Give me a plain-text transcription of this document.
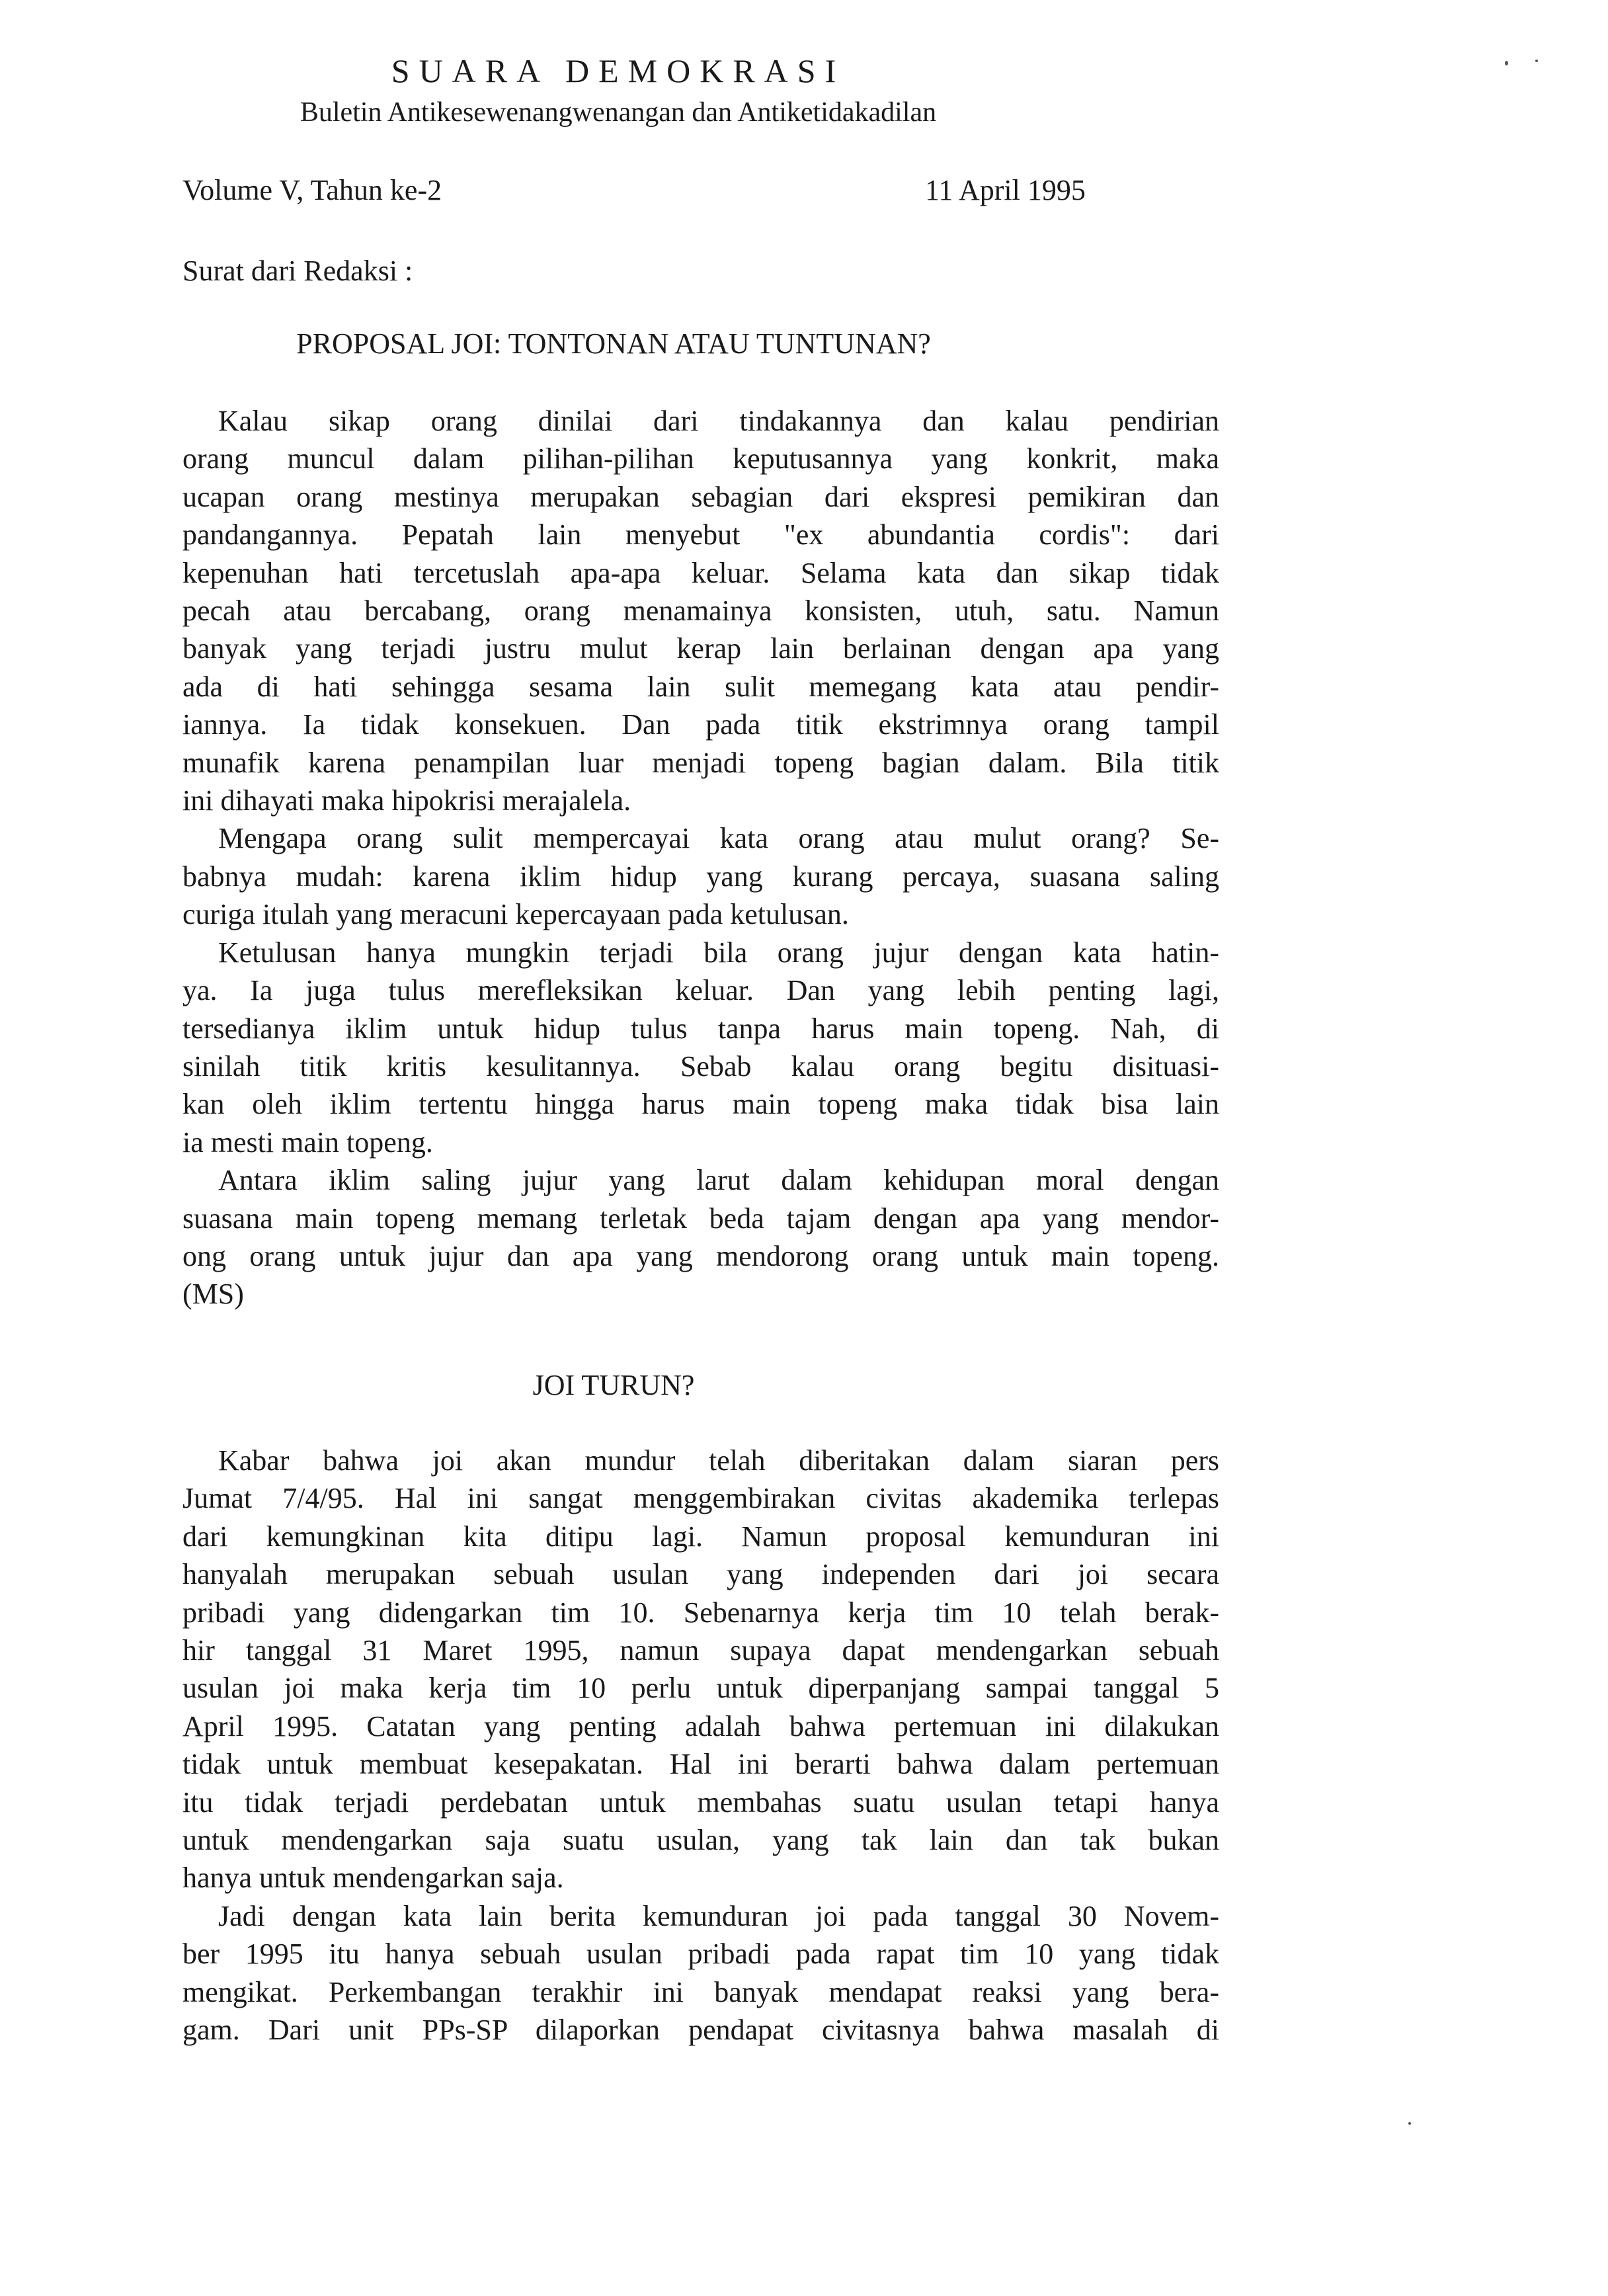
SUARA DEMOKRASI
Buletin Antikesewenangwenangan dan Antiketidakadilan
Volume V, Tahun ke-2	11 April 1995
Surat dari Redaksi :
PROPOSAL JOI: TONTONAN ATAU TUNTUNAN?
Kalau sikap orang dinilai dari tindakannya dan kalau pendirian
orang muncul dalam pilihan-pilihan keputusannya yang konkrit, maka
ucapan orang mestinya merupakan sebagian dari ekspresi pemikiran dan
pandangannya. Pepatah lain menyebut "ex abundantia cordis": dari
kepenuhan hati tercetuslah apa-apa keluar. Selama kata dan sikap tidak
pecah atau bercabang, orang menamainya konsisten, utuh, satu. Namun
banyak yang terjadi justru mulut kerap lain berlainan dengan apa yang
ada di hati sehingga sesama lain sulit memegang kata atau pendir-
iannya. Ia tidak konsekuen. Dan pada titik ekstrimnya orang tampil
munafik karena penampilan luar menjadi topeng bagian dalam. Bila titik
ini dihayati maka hipokrisi merajalela.
Mengapa orang sulit mempercayai kata orang atau mulut orang? Se-
babnya mudah: karena iklim hidup yang kurang percaya, suasana saling
curiga itulah yang meracuni kepercayaan pada ketulusan.
Ketulusan hanya mungkin terjadi bila orang jujur dengan kata hatin-
ya. Ia juga tulus merefleksikan keluar. Dan yang lebih penting lagi,
tersedianya iklim untuk hidup tulus tanpa harus main topeng. Nah, di
sinilah titik kritis kesulitannya. Sebab kalau orang begitu disituasi-
kan oleh iklim tertentu hingga harus main topeng maka tidak bisa lain
ia mesti main topeng.
Antara iklim saling jujur yang larut dalam kehidupan moral dengan
suasana main topeng memang terletak beda tajam dengan apa yang mendor-
ong orang untuk jujur dan apa yang mendorong orang untuk main topeng.
(MS)
JOI TURUN?
Kabar bahwa joi akan mundur telah diberitakan dalam siaran pers
Jumat 7/4/95. Hal ini sangat menggembirakan civitas akademika terlepas
dari kemungkinan kita ditipu lagi. Namun proposal kemunduran ini
hanyalah merupakan sebuah usulan yang independen dari joi secara
pribadi yang didengarkan tim 10. Sebenarnya kerja tim 10 telah berak-
hir tanggal 31 Maret 1995, namun supaya dapat mendengarkan sebuah
usulan joi maka kerja tim 10 perlu untuk diperpanjang sampai tanggal 5
April 1995. Catatan yang penting adalah bahwa pertemuan ini dilakukan
tidak untuk membuat kesepakatan. Hal ini berarti bahwa dalam pertemuan
itu tidak terjadi perdebatan untuk membahas suatu usulan tetapi hanya
untuk mendengarkan saja suatu usulan, yang tak lain dan tak bukan
hanya untuk mendengarkan saja.
Jadi dengan kata lain berita kemunduran joi pada tanggal 30 Novem-
ber 1995 itu hanya sebuah usulan pribadi pada rapat tim 10 yang tidak
mengikat. Perkembangan terakhir ini banyak mendapat reaksi yang bera-
gam. Dari unit PPs-SP dilaporkan pendapat civitasnya bahwa masalah di
